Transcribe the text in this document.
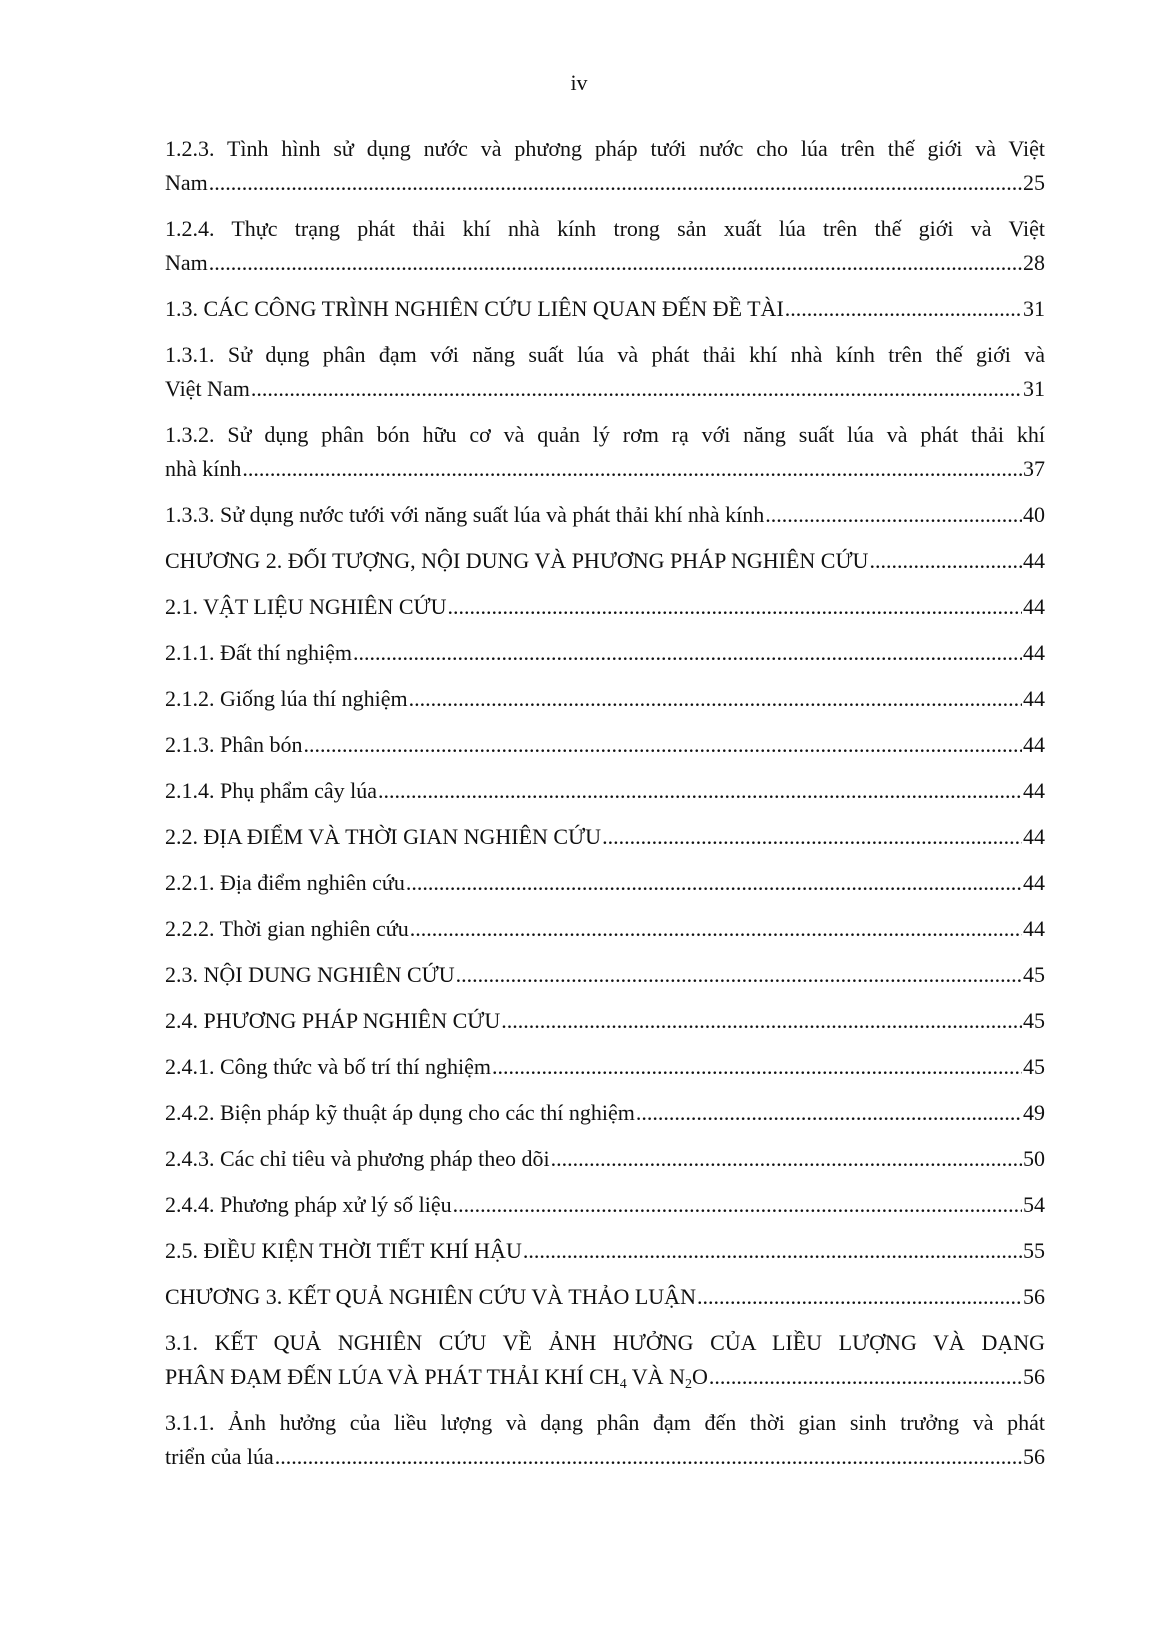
iv
1.2.3. Tình hình sử dụng nước và phương pháp tưới nước cho lúa trên thế giới và Việt
Nam .....	25
1.2.4. Thực trạng phát thải khí nhà kính trong sản xuất lúa trên thế giới và Việt
Nam .....	28
1.3. CÁC CÔNG TRÌNH NGHIÊN CỨU LIÊN QUAN ĐẾN ĐỀ TÀI .....	31
1.3.1. Sử dụng phân đạm với năng suất lúa và phát thải khí nhà kính trên thế giới và
Việt Nam .....	31
1.3.2. Sử dụng phân bón hữu cơ và quản lý rơm rạ với năng suất lúa và phát thải khí
nhà kính .....	37
1.3.3. Sử dụng nước tưới với năng suất lúa và phát thải khí nhà kính .....	40
CHƯƠNG 2. ĐỐI TƯỢNG, NỘI DUNG VÀ PHƯƠNG PHÁP NGHIÊN CỨU .....	44
2.1. VẬT LIỆU NGHIÊN CỨU .....	44
2.1.1. Đất thí nghiệm .....	44
2.1.2. Giống lúa thí nghiệm .....	44
2.1.3. Phân bón .....	44
2.1.4. Phụ phẩm cây lúa .....	44
2.2. ĐỊA ĐIỂM VÀ THỜI GIAN NGHIÊN CỨU .....	44
2.2.1. Địa điểm nghiên cứu .....	44
2.2.2. Thời gian nghiên cứu .....	44
2.3. NỘI DUNG NGHIÊN CỨU .....	45
2.4. PHƯƠNG PHÁP NGHIÊN CỨU .....	45
2.4.1. Công thức và bố trí thí nghiệm .....	45
2.4.2. Biện pháp kỹ thuật áp dụng cho các thí nghiệm .....	49
2.4.3. Các chỉ tiêu và phương pháp theo dõi .....	50
2.4.4. Phương pháp xử lý số liệu .....	54
2.5. ĐIỀU KIỆN THỜI TIẾT KHÍ HẬU .....	55
CHƯƠNG 3. KẾT QUẢ NGHIÊN CỨU VÀ THẢO LUẬN .....	56
3.1. KẾT QUẢ NGHIÊN CỨU VỀ ẢNH HƯỞNG CỦA LIỀU LƯỢNG VÀ DẠNG
PHÂN ĐẠM ĐẾN LÚA VÀ PHÁT THẢI KHÍ $CH_4$ VÀ $N_2O$ .....	56
3.1.1. Ảnh hưởng của liều lượng và dạng phân đạm đến thời gian sinh trưởng và phát
triển của lúa .....	56
